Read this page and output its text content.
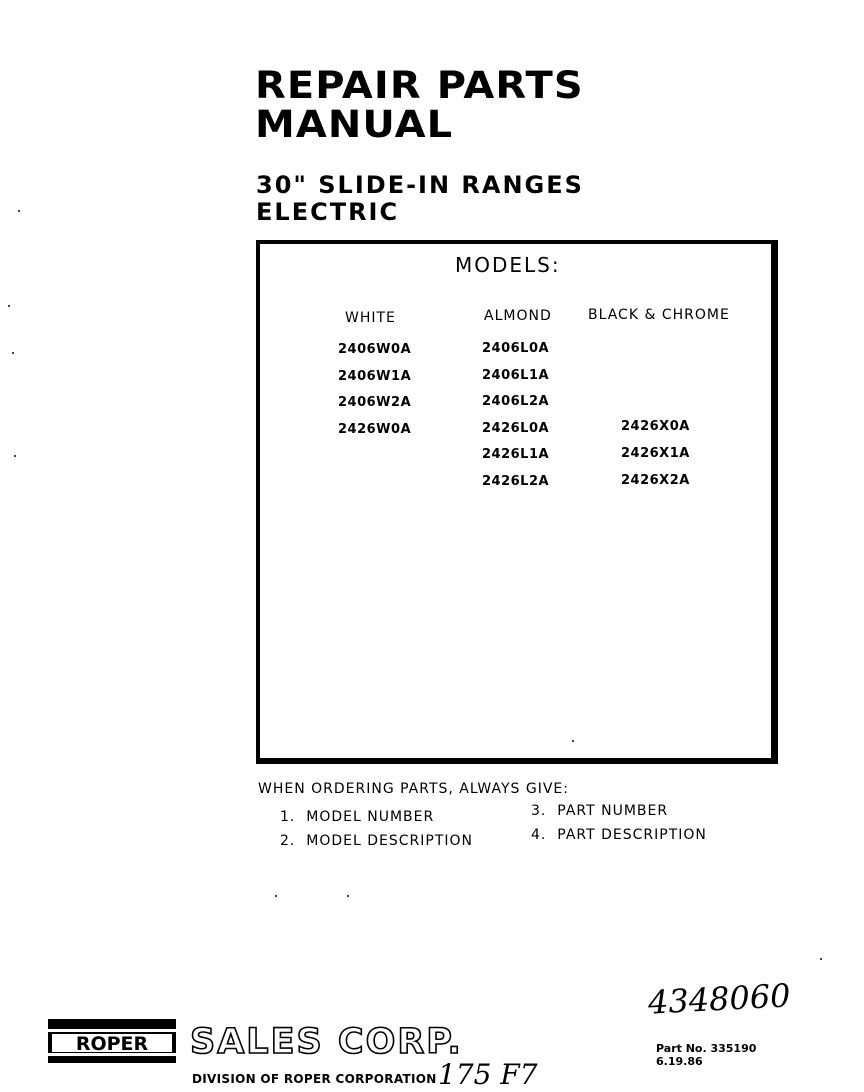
REPAIR PARTS
MANUAL
30" SLIDE-IN RANGES
ELECTRIC
MODELS:
WHITE	ALMOND	BLACK & CHROME
2406W0A
2406W1A
2406W2A
2426W0A
2406L0A
2406L1A
2406L2A
2426L0A
2426L1A
2426L2A
2426X0A
2426X1A
2426X2A
WHEN ORDERING PARTS, ALWAYS GIVE:
1. MODEL NUMBER
2. MODEL DESCRIPTION
3. PART NUMBER
4. PART DESCRIPTION
4348060
ROPER SALES CORP.
DIVISION OF ROPER CORPORATION 175 F7
Part No. 335190
6.19.86
